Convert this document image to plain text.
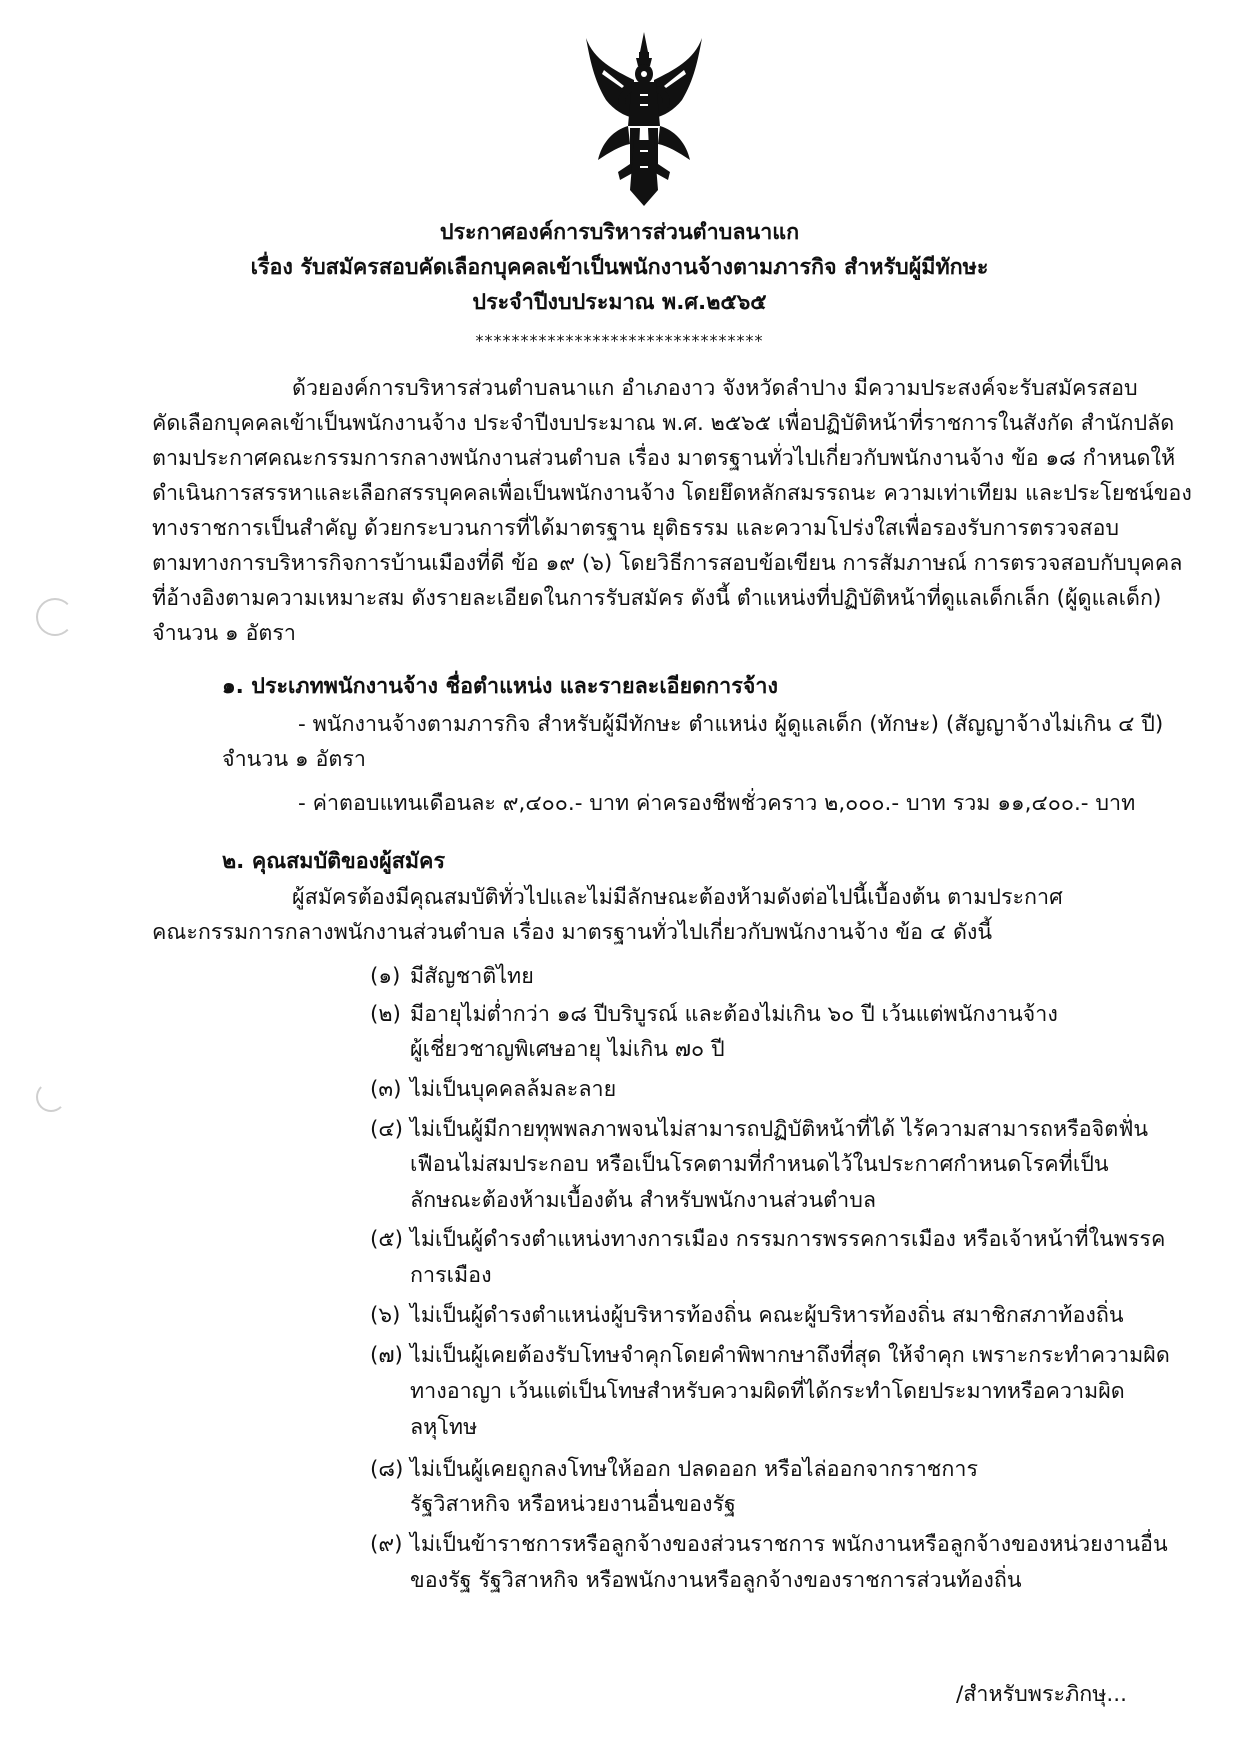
ประกาศองค์การบริหารส่วนตำบลนาแก
เรื่อง รับสมัครสอบคัดเลือกบุคคลเข้าเป็นพนักงานจ้างตามภารกิจ สำหรับผู้มีทักษะ
ประจำปีงบประมาณ พ.ศ.๒๕๖๕
********************************
ด้วยองค์การบริหารส่วนตำบลนาแก อำเภองาว จังหวัดลำปาง มีความประสงค์จะรับสมัครสอบ
คัดเลือกบุคคลเข้าเป็นพนักงานจ้าง ประจำปีงบประมาณ พ.ศ. ๒๕๖๕ เพื่อปฏิบัติหน้าที่ราชการในสังกัด สำนักปลัด
ตามประกาศคณะกรรมการกลางพนักงานส่วนตำบล เรื่อง มาตรฐานทั่วไปเกี่ยวกับพนักงานจ้าง ข้อ ๑๘ กำหนดให้
ดำเนินการสรรหาและเลือกสรรบุคคลเพื่อเป็นพนักงานจ้าง โดยยึดหลักสมรรถนะ ความเท่าเทียม และประโยชน์ของ
ทางราชการเป็นสำคัญ ด้วยกระบวนการที่ได้มาตรฐาน ยุติธรรม และความโปร่งใสเพื่อรองรับการตรวจสอบ
ตามทางการบริหารกิจการบ้านเมืองที่ดี ข้อ ๑๙ (๖) โดยวิธีการสอบข้อเขียน การสัมภาษณ์ การตรวจสอบกับบุคคล
ที่อ้างอิงตามความเหมาะสม ดังรายละเอียดในการรับสมัคร ดังนี้ ตำแหน่งที่ปฏิบัติหน้าที่ดูแลเด็กเล็ก (ผู้ดูแลเด็ก)
จำนวน ๑ อัตรา
๑. ประเภทพนักงานจ้าง ชื่อตำแหน่ง และรายละเอียดการจ้าง
- พนักงานจ้างตามภารกิจ สำหรับผู้มีทักษะ ตำแหน่ง ผู้ดูแลเด็ก (ทักษะ) (สัญญาจ้างไม่เกิน ๔ ปี)
จำนวน ๑ อัตรา
- ค่าตอบแทนเดือนละ ๙,๔๐๐.- บาท ค่าครองชีพชั่วคราว ๒,๐๐๐.- บาท รวม ๑๑,๔๐๐.- บาท
๒. คุณสมบัติของผู้สมัคร
ผู้สมัครต้องมีคุณสมบัติทั่วไปและไม่มีลักษณะต้องห้ามดังต่อไปนี้เบื้องต้น ตามประกาศ
คณะกรรมการกลางพนักงานส่วนตำบล เรื่อง มาตรฐานทั่วไปเกี่ยวกับพนักงานจ้าง ข้อ ๔ ดังนี้
(๑) มีสัญชาติไทย
(๒) มีอายุไม่ต่ำกว่า ๑๘ ปีบริบูรณ์ และต้องไม่เกิน ๖๐ ปี เว้นแต่พนักงานจ้าง
ผู้เชี่ยวชาญพิเศษอายุ ไม่เกิน ๗๐ ปี
(๓) ไม่เป็นบุคคลล้มละลาย
(๔) ไม่เป็นผู้มีกายทุพพลภาพจนไม่สามารถปฏิบัติหน้าที่ได้ ไร้ความสามารถหรือจิตฟั่น
เฟือนไม่สมประกอบ หรือเป็นโรคตามที่กำหนดไว้ในประกาศกำหนดโรคที่เป็น
ลักษณะต้องห้ามเบื้องต้น สำหรับพนักงานส่วนตำบล
(๕) ไม่เป็นผู้ดำรงตำแหน่งทางการเมือง กรรมการพรรคการเมือง หรือเจ้าหน้าที่ในพรรค
การเมือง
(๖) ไม่เป็นผู้ดำรงตำแหน่งผู้บริหารท้องถิ่น คณะผู้บริหารท้องถิ่น สมาชิกสภาท้องถิ่น
(๗) ไม่เป็นผู้เคยต้องรับโทษจำคุกโดยคำพิพากษาถึงที่สุด ให้จำคุก เพราะกระทำความผิด
ทางอาญา เว้นแต่เป็นโทษสำหรับความผิดที่ได้กระทำโดยประมาทหรือความผิด
ลหุโทษ
(๘) ไม่เป็นผู้เคยถูกลงโทษให้ออก ปลดออก หรือไล่ออกจากราชการ
รัฐวิสาหกิจ หรือหน่วยงานอื่นของรัฐ
(๙) ไม่เป็นข้าราชการหรือลูกจ้างของส่วนราชการ พนักงานหรือลูกจ้างของหน่วยงานอื่น
ของรัฐ รัฐวิสาหกิจ หรือพนักงานหรือลูกจ้างของราชการส่วนท้องถิ่น
/สำหรับพระภิกษุ...
